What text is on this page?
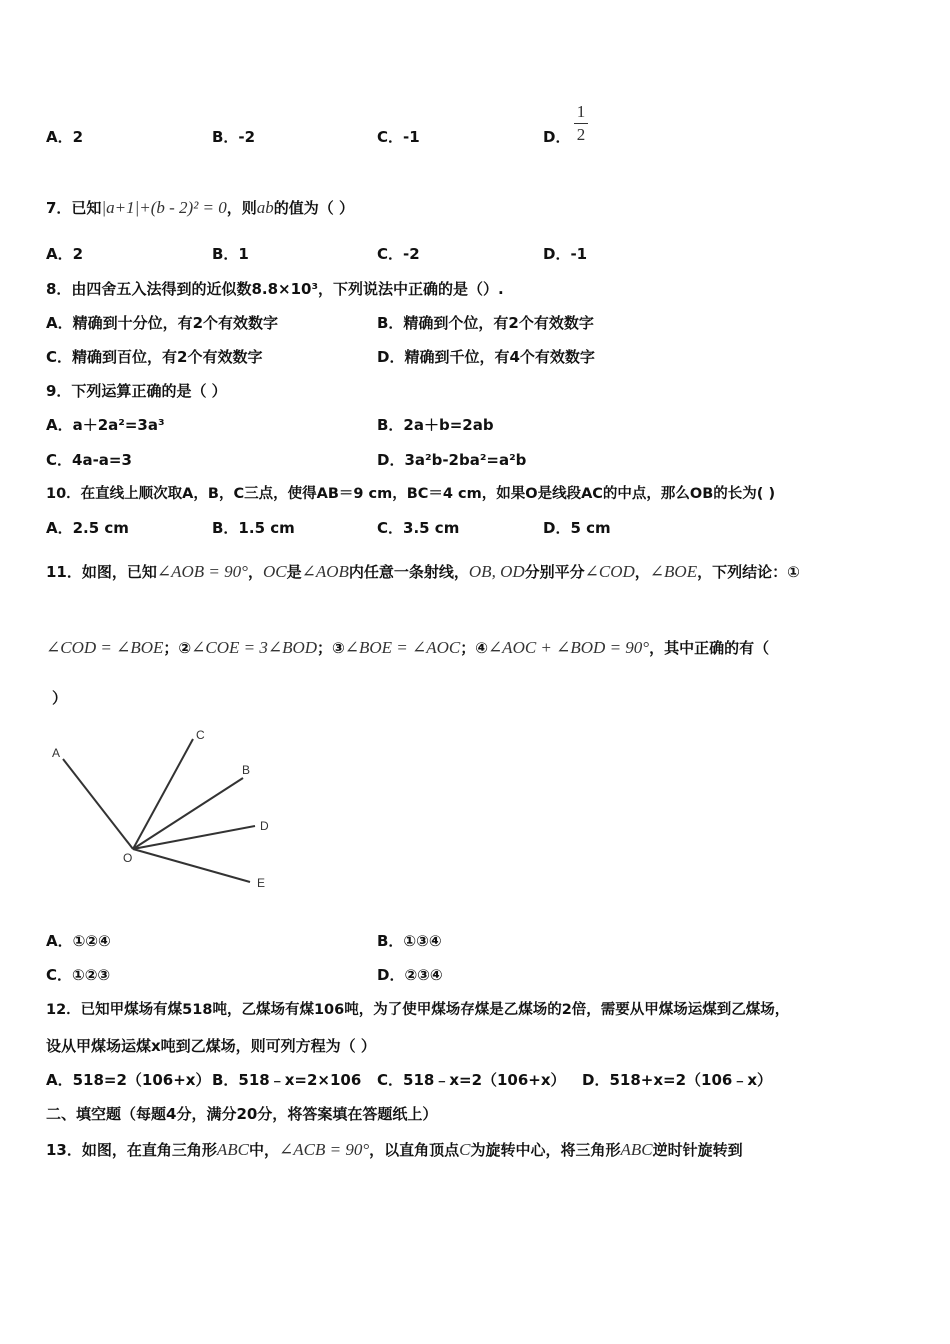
A．2	B．-2	C．-1	D．
1
2
7．已知|a+1|+(b - 2)² = 0，则ab的值为（ ）
A．2	B．1	C．-2	D．-1
8．由四舍五入法得到的近似数8.8×10³，下列说法中正确的是（）.
A．精确到十分位，有2个有效数字	B．精确到个位，有2个有效数字
C．精确到百位，有2个有效数字	D．精确到千位，有4个有效数字
9．下列运算正确的是（ ）
A．a＋2a²=3a³	B．2a＋b=2ab
C．4a-a=3	D．3a²b-2ba²=a²b
10．在直线上顺次取A，B，C三点，使得AB＝9 cm，BC＝4 cm，如果O是线段AC的中点，那么OB的长为( )
A．2.5 cm	B．1.5 cm	C．3.5 cm	D．5 cm
11．如图，已知∠AOB = 90°，OC是∠AOB内任意一条射线，OB, OD分别平分∠COD，∠BOE，下列结论：①
∠COD = ∠BOE；②∠COE = 3∠BOD；③∠BOE = ∠AOC；④∠AOC + ∠BOD = 90°，其中正确的有（
）
A
C
B
D
E
O
A．①②④	B．①③④
C．①②③	D．②③④
12．已知甲煤场有煤518吨，乙煤场有煤106吨，为了使甲煤场存煤是乙煤场的2倍，需要从甲煤场运煤到乙煤场，
设从甲煤场运煤x吨到乙煤场，则可列方程为（ ）
A．518=2（106+x） B．518﹣x=2×106 C．518﹣x=2（106+x） D．518+x=2（106﹣x）
二、填空题（每题4分，满分20分，将答案填在答题纸上）
13．如图，在直角三角形ABC中，∠ACB = 90°，以直角顶点C为旋转中心，将三角形ABC逆时针旋转到
